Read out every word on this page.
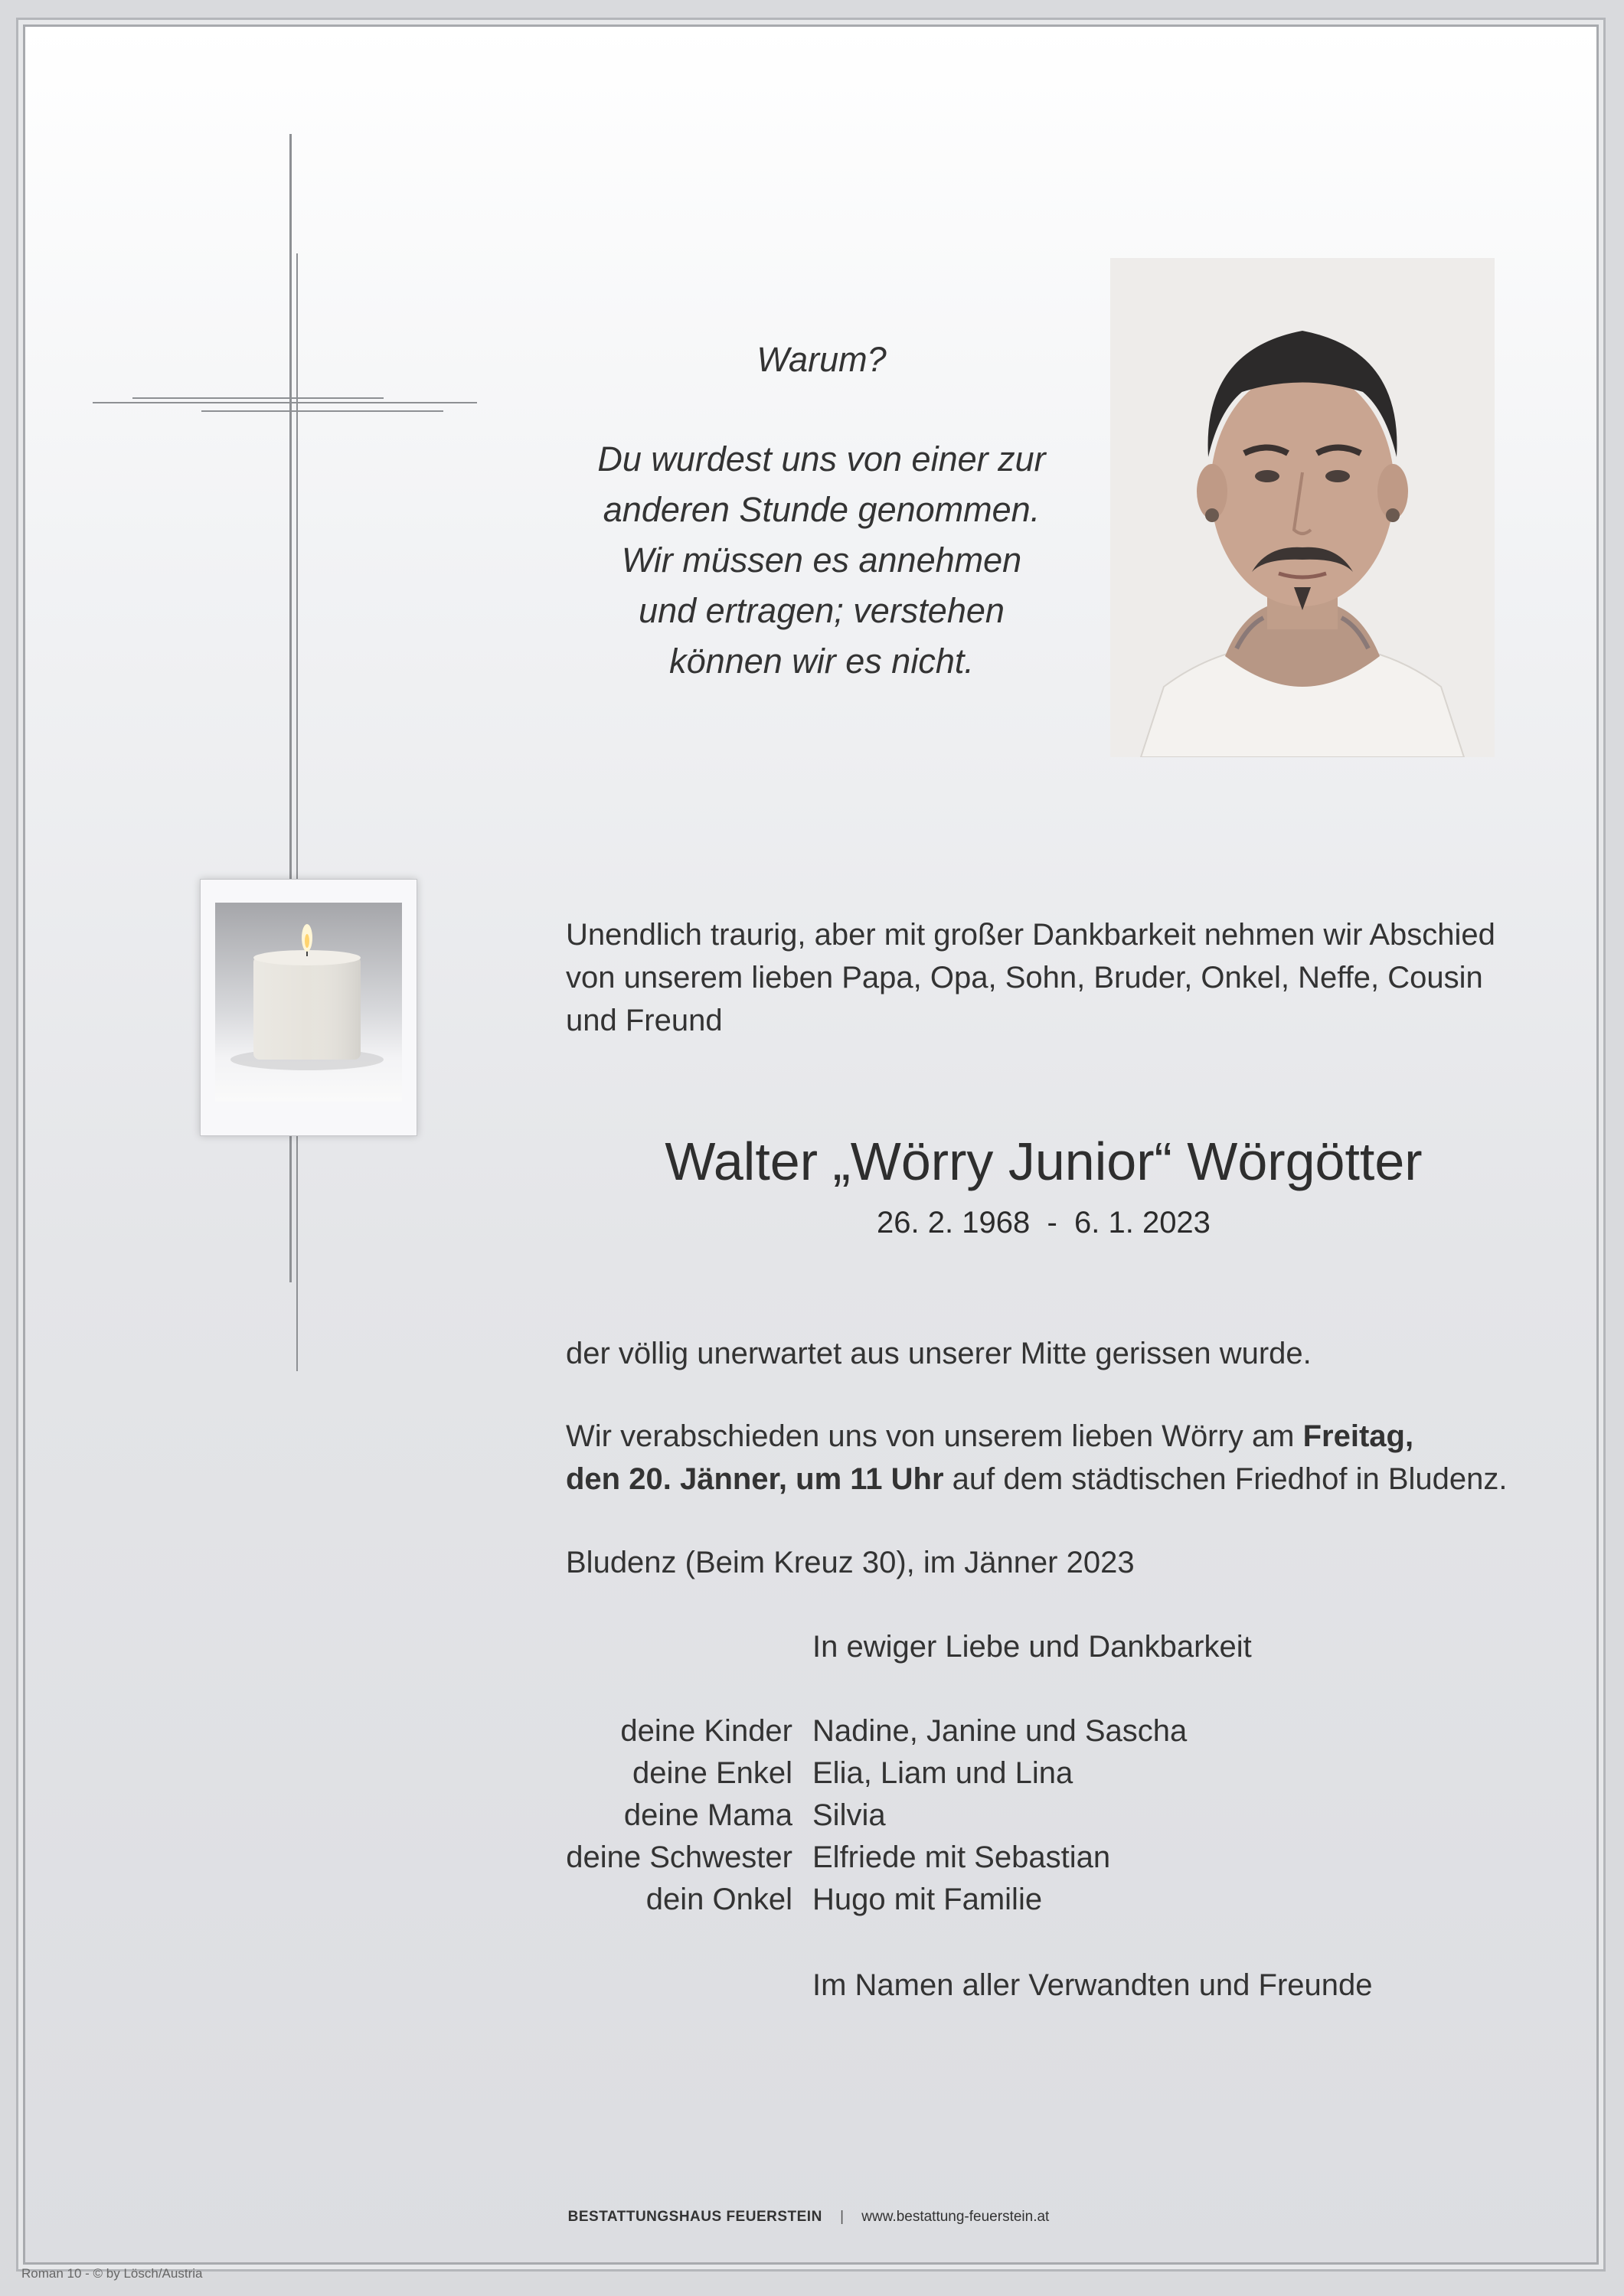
Warum?
Du wurdest uns von einer zur
anderen Stunde genommen.
Wir müssen es annehmen
und ertragen; verstehen
können wir es nicht.
Unendlich traurig, aber mit großer Dankbarkeit nehmen wir Abschied von unserem lieben Papa, Opa, Sohn, Bruder, Onkel, Neffe, Cousin und Freund
Walter „Wörry Junior“ Wörgötter
26. 2. 1968  -  6. 1. 2023
der völlig unerwartet aus unserer Mitte gerissen wurde.
Wir verabschieden uns von unserem lieben Wörry am Freitag,
den 20. Jänner, um 11 Uhr auf dem städtischen Friedhof in Bludenz.
Bludenz (Beim Kreuz 30), im Jänner 2023
In ewiger Liebe und Dankbarkeit
deine Kinder Nadine, Janine und Sascha
deine Enkel Elia, Liam und Lina
deine Mama Silvia
deine Schwester Elfriede mit Sebastian
dein Onkel Hugo mit Familie
Im Namen aller Verwandten und Freunde
BESTATTUNGSHAUS FEUERSTEIN | www.bestattung-feuerstein.at
Roman 10 - © by Lösch/Austria
